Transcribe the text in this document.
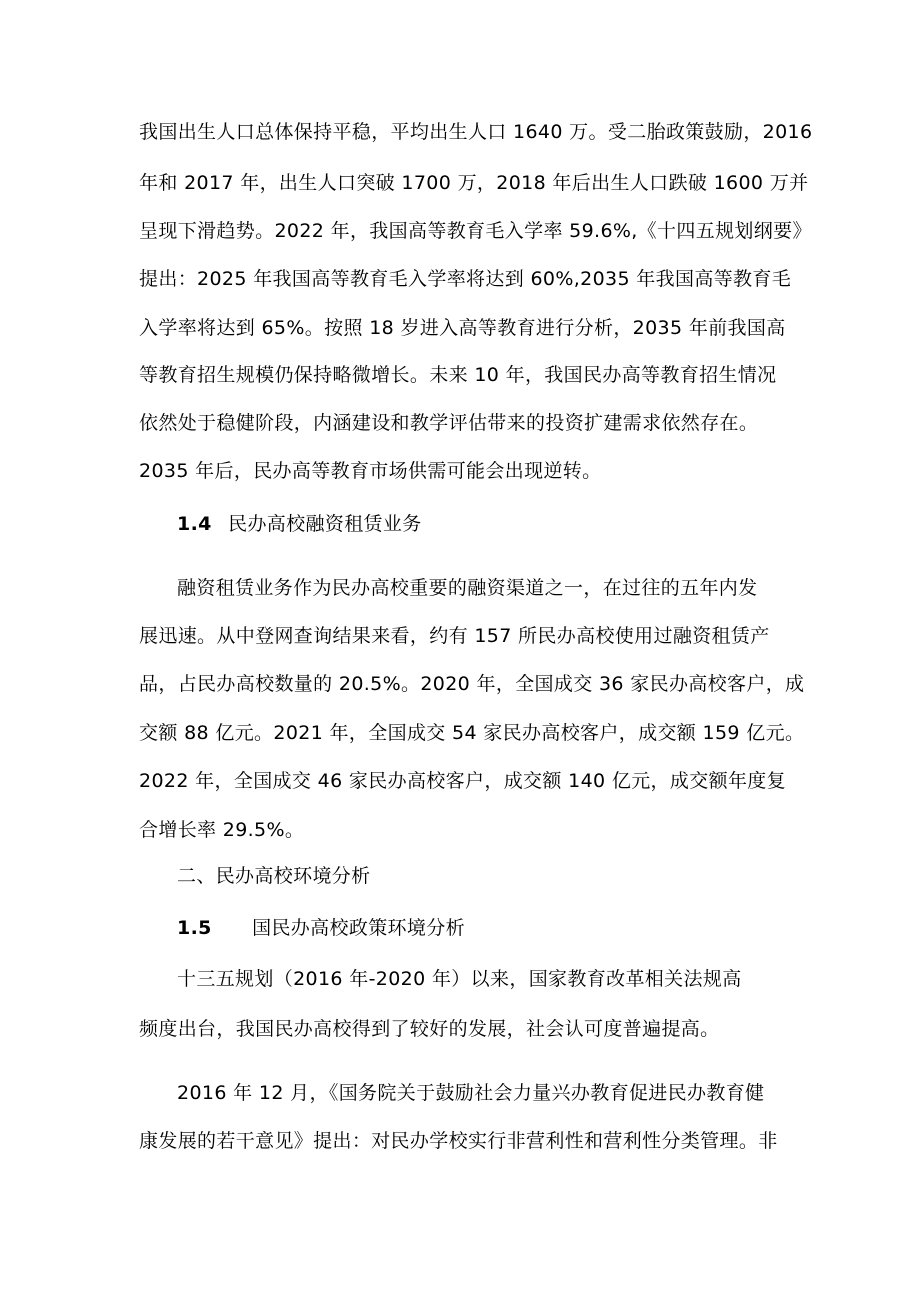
我国出生人口总体保持平稳，平均出生人口 1640 万。受二胎政策鼓励，2016
年和 2017 年，出生人口突破 1700 万，2018 年后出生人口跌破 1600 万并
呈现下滑趋势。2022 年，我国高等教育毛入学率 59.6%,《十四五规划纲要》
提出：2025 年我国高等教育毛入学率将达到 60%,2035 年我国高等教育毛
入学率将达到 65%。按照 18 岁进入高等教育进行分析，2035 年前我国高
等教育招生规模仍保持略微增长。未来 10 年，我国民办高等教育招生情况
依然处于稳健阶段，内涵建设和教学评估带来的投资扩建需求依然存在。
2035 年后，民办高等教育市场供需可能会出现逆转。
1.4 民办高校融资租赁业务
融资租赁业务作为民办高校重要的融资渠道之一，在过往的五年内发
展迅速。从中登网查询结果来看，约有 157 所民办高校使用过融资租赁产
品，占民办高校数量的 20.5%。2020 年，全国成交 36 家民办高校客户，成
交额 88 亿元。2021 年，全国成交 54 家民办高校客户，成交额 159 亿元。
2022 年，全国成交 46 家民办高校客户，成交额 140 亿元，成交额年度复
合增长率 29.5%。
二、民办高校环境分析
1.5 国民办高校政策环境分析
十三五规划（2016 年-2020 年）以来，国家教育改革相关法规高
频度出台，我国民办高校得到了较好的发展，社会认可度普遍提高。
2016 年 12 月，《国务院关于鼓励社会力量兴办教育促进民办教育健
康发展的若干意见》提出：对民办学校实行非营利性和营利性分类管理。非
